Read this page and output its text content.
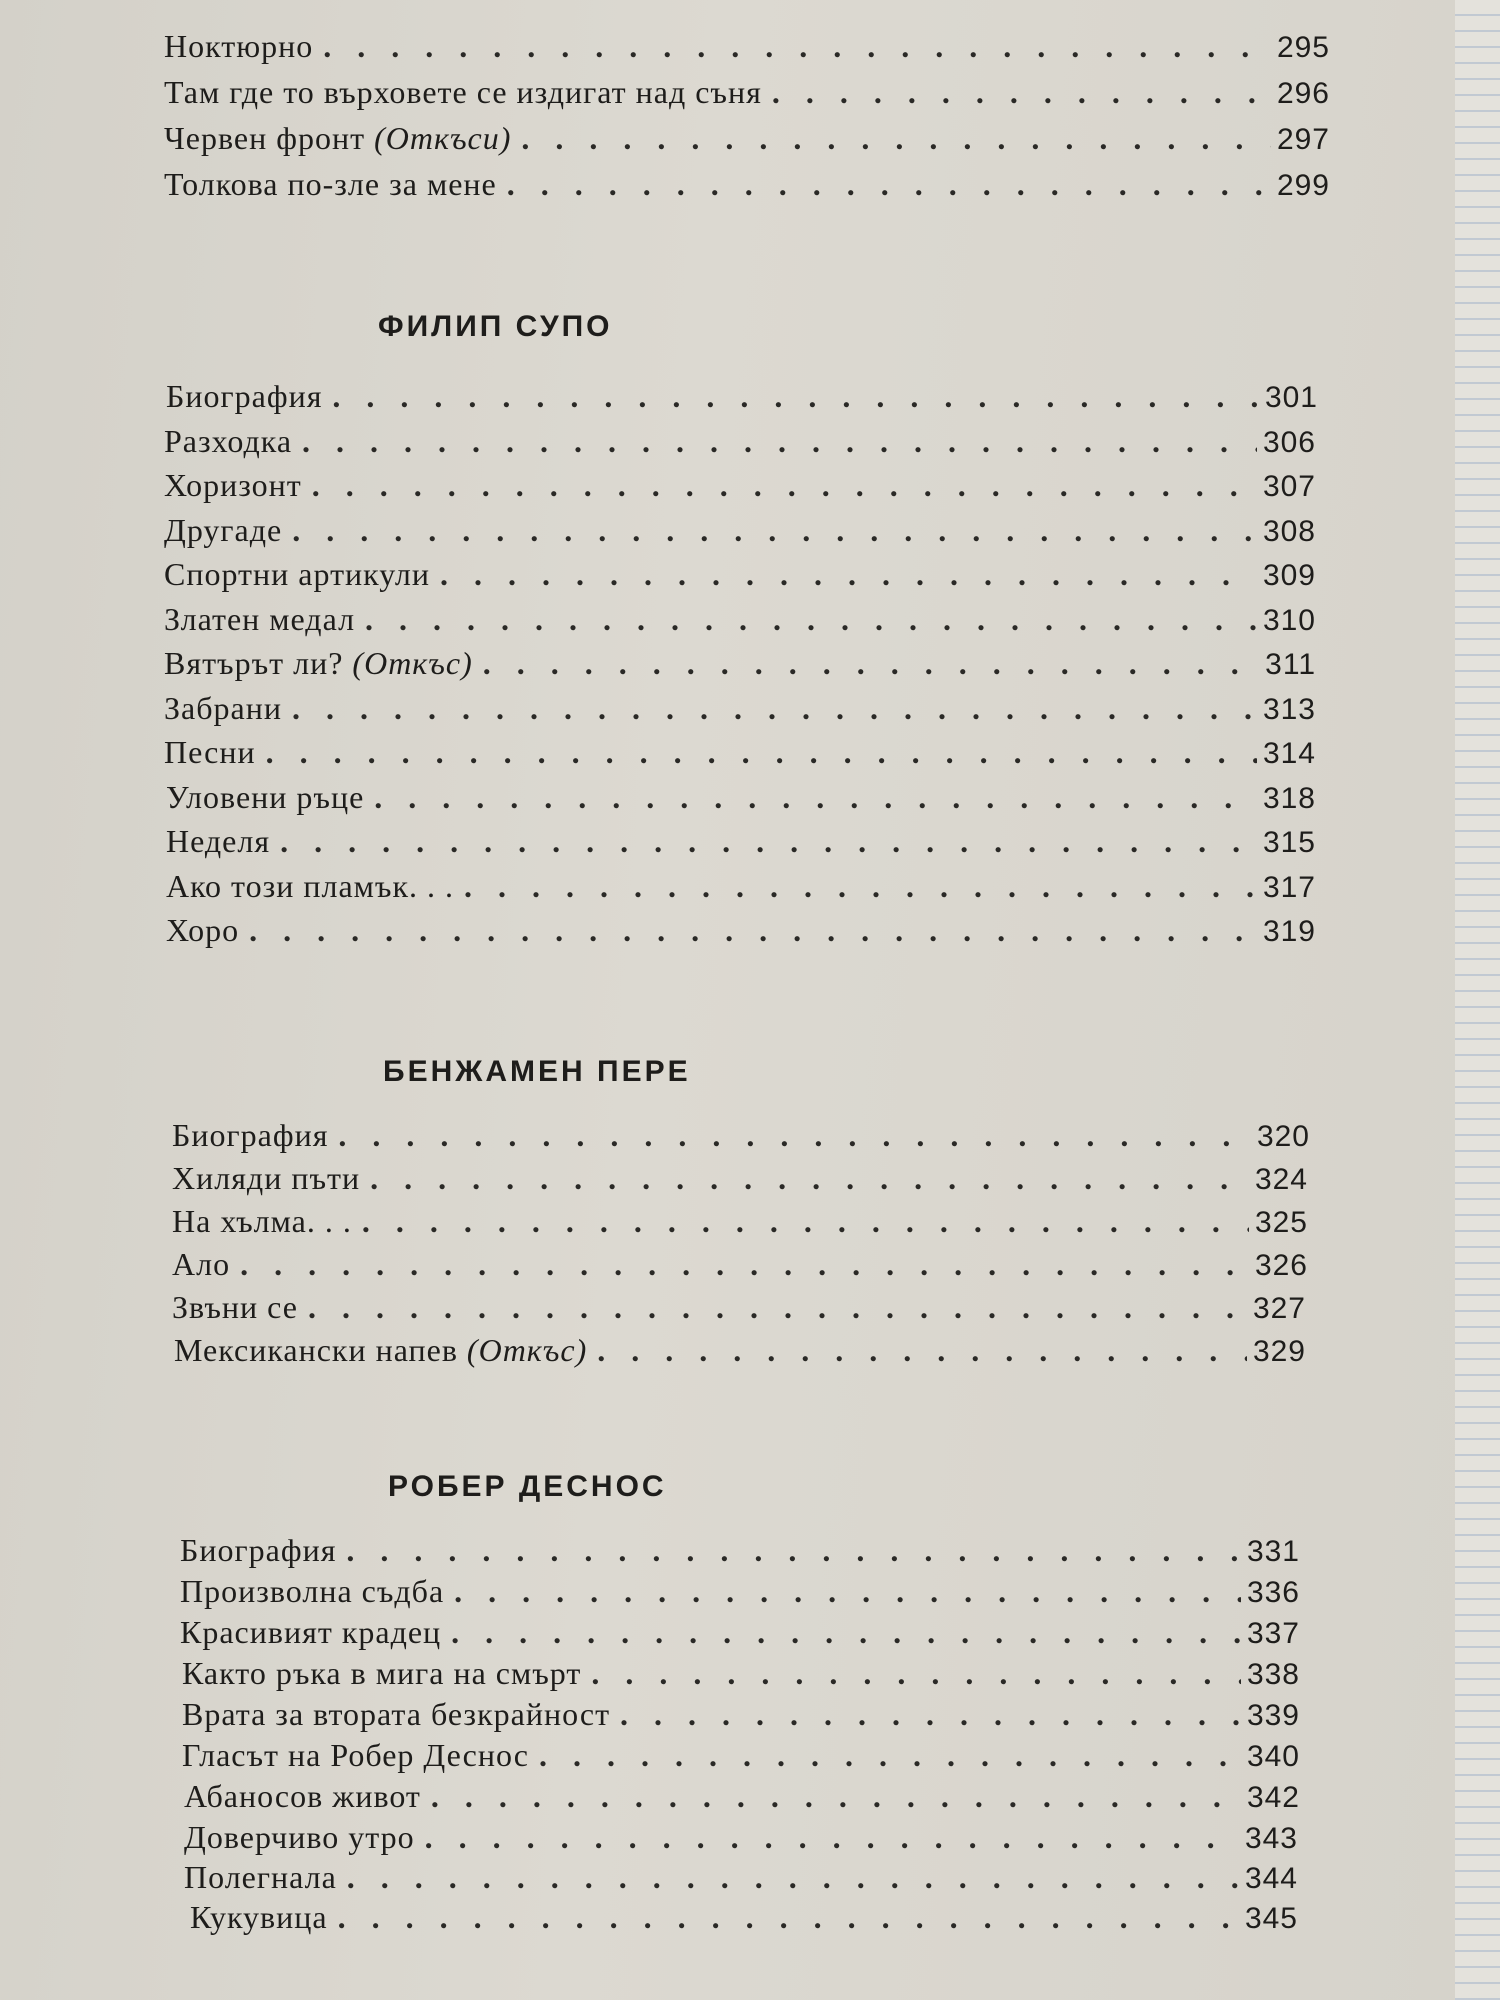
Ноктюрно . . .	295
Там где то върховете се издигат над съня . . .	296
Червен фронт (Откъси) . . .	297
Толкова по-зле за мене . . .	299
ФИЛИП СУПО
Биография . . .	301
Разходка . . .	306
Хоризонт . . .	307
Другаде . . .	308
Спортни артикули . . .	309
Златен медал . . .	310
Вятърът ли? (Откъс) . . .	311
Забрани . . .	313
Песни . . .	314
Уловени ръце . . .	318
Неделя . . .	315
Ако този пламък. . . . . .	317
Хоро . . .	319
БЕНЖАМЕН ПЕРЕ
Биография . . .	320
Хиляди пъти . . .	324
На хълма. . . . . .	325
Ало . . .	326
Звъни се . . .	327
Мексикански напев (Откъс) . . .	329
РОБЕР ДЕСНОС
Биография . . .	331
Произволна съдба . . .	336
Красивият крадец . . .	337
Както ръка в мига на смърт . . .	338
Врата за втората безкрайност . . .	339
Гласът на Робер Деснос . . .	340
Абаносов живот . . .	342
Доверчиво утро . . .	343
Полегнала . . .	344
Кукувица . . .	345
